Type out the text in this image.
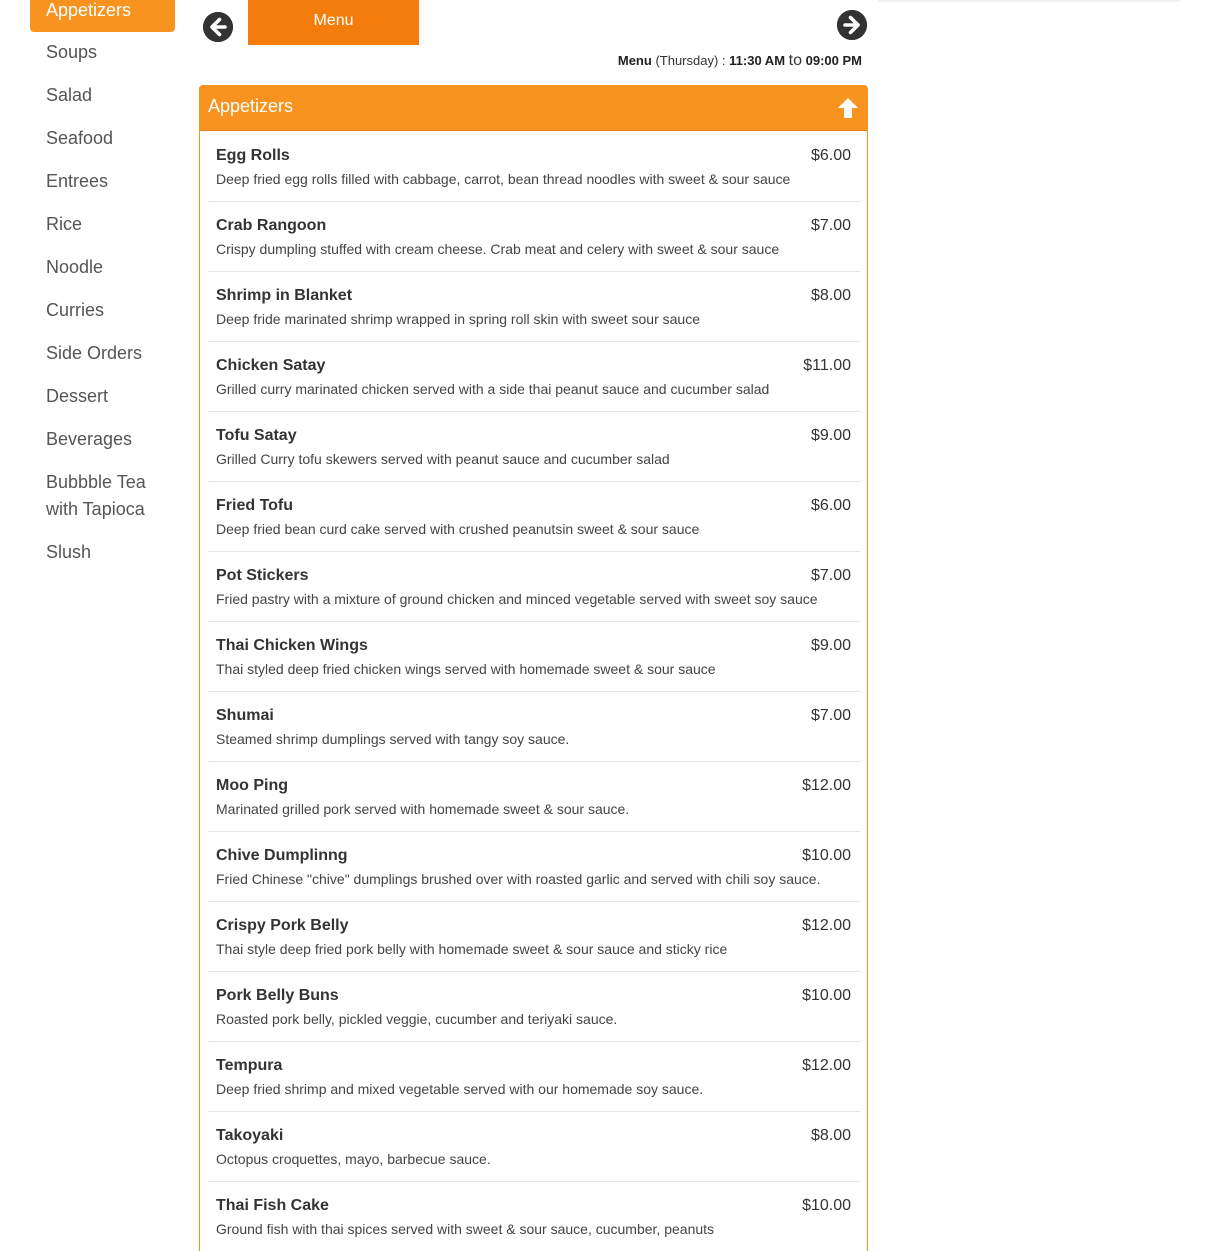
Appetizers
Soups
Salad
Seafood
Entrees
Rice
Noodle
Curries
Side Orders
Dessert
Beverages
Bubbble Tea with Tapioca
Slush
Menu
Menu (Thursday) : 11:30 AM to 09:00 PM
Appetizers
Egg Rolls	$6.00
Deep fried egg rolls filled with cabbage, carrot, bean thread noodles with sweet & sour sauce
Crab Rangoon	$7.00
Crispy dumpling stuffed with cream cheese. Crab meat and celery with sweet & sour sauce
Shrimp in Blanket	$8.00
Deep fride marinated shrimp wrapped in spring roll skin with sweet sour sauce
Chicken Satay	$11.00
Grilled curry marinated chicken served with a side thai peanut sauce and cucumber salad
Tofu Satay	$9.00
Grilled Curry tofu skewers served with peanut sauce and cucumber salad
Fried Tofu	$6.00
Deep fried bean curd cake served with crushed peanutsin sweet & sour sauce
Pot Stickers	$7.00
Fried pastry with a mixture of ground chicken and minced vegetable served with sweet soy sauce
Thai Chicken Wings	$9.00
Thai styled deep fried chicken wings served with homemade sweet & sour sauce
Shumai	$7.00
Steamed shrimp dumplings served with tangy soy sauce.
Moo Ping	$12.00
Marinated grilled pork served with homemade sweet & sour sauce.
Chive Dumplinng	$10.00
Fried Chinese "chive" dumplings brushed over with roasted garlic and served with chili soy sauce.
Crispy Pork Belly	$12.00
Thai style deep fried pork belly with homemade sweet & sour sauce and sticky rice
Pork Belly Buns	$10.00
Roasted pork belly, pickled veggie, cucumber and teriyaki sauce.
Tempura	$12.00
Deep fried shrimp and mixed vegetable served with our homemade soy sauce.
Takoyaki	$8.00
Octopus croquettes, mayo, barbecue sauce.
Thai Fish Cake	$10.00
Ground fish with thai spices served with sweet & sour sauce, cucumber, peanuts
